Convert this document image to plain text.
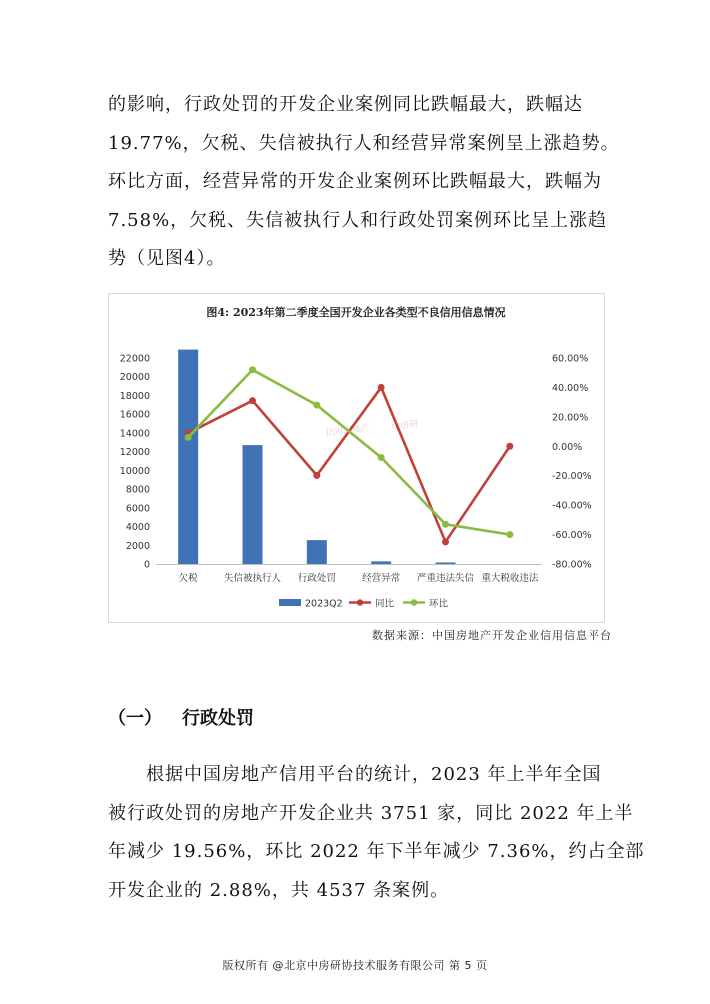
的影响，行政处罚的开发企业案例同比跌幅最大，跌幅达
19.77%，欠税、失信被执行人和经营异常案例呈上涨趋势。
环比方面，经营异常的开发企业案例环比跌幅最大，跌幅为
7.58%，欠税、失信被执行人和行政处罚案例环比呈上涨趋
势（见图4）。
图4: 2023年第二季度全国开发企业各类型不良信用信息情况
0
2000
4000
6000
8000
10000
12000
14000
16000
18000
20000
22000
-80.00%
-60.00%
-40.00%
-20.00%
0.00%
20.00%
40.00%
60.00%
信用房地产 中房研
欠税	失信被执行人 行政处罚	经营异常 严重违法失信 重大税收违法
2023Q2	同比	环比
数据来源：中国房地产开发企业信用信息平台
（一） 行政处罚
根据中国房地产信用平台的统计，2023 年上半年全国
被行政处罚的房地产开发企业共 3751 家，同比 2022 年上半
年减少 19.56%，环比 2022 年下半年减少 7.36%，约占全部
开发企业的 2.88%，共 4537 条案例。
版权所有 @北京中房研协技术服务有限公司 第 5 页
